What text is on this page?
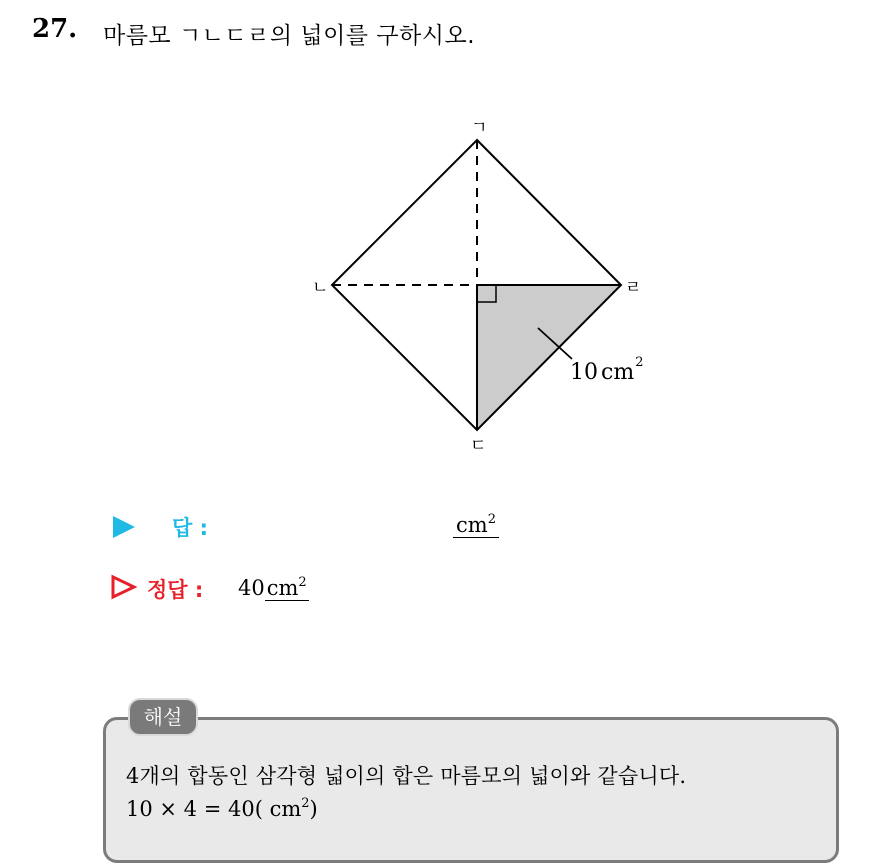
27. 마름모 ㄱㄴㄷㄹ의 넓이를 구하시오.
ㄱ
ㄴ
ㄷ
ㄹ
10 $cm^2$
답 :	$cm^2$
정답 : $40cm^2$
해설
4개의 합동인 삼각형 넓이의 합은 마름모의 넓이와 같습니다.
10 × 4 = 40( $cm^2$)
